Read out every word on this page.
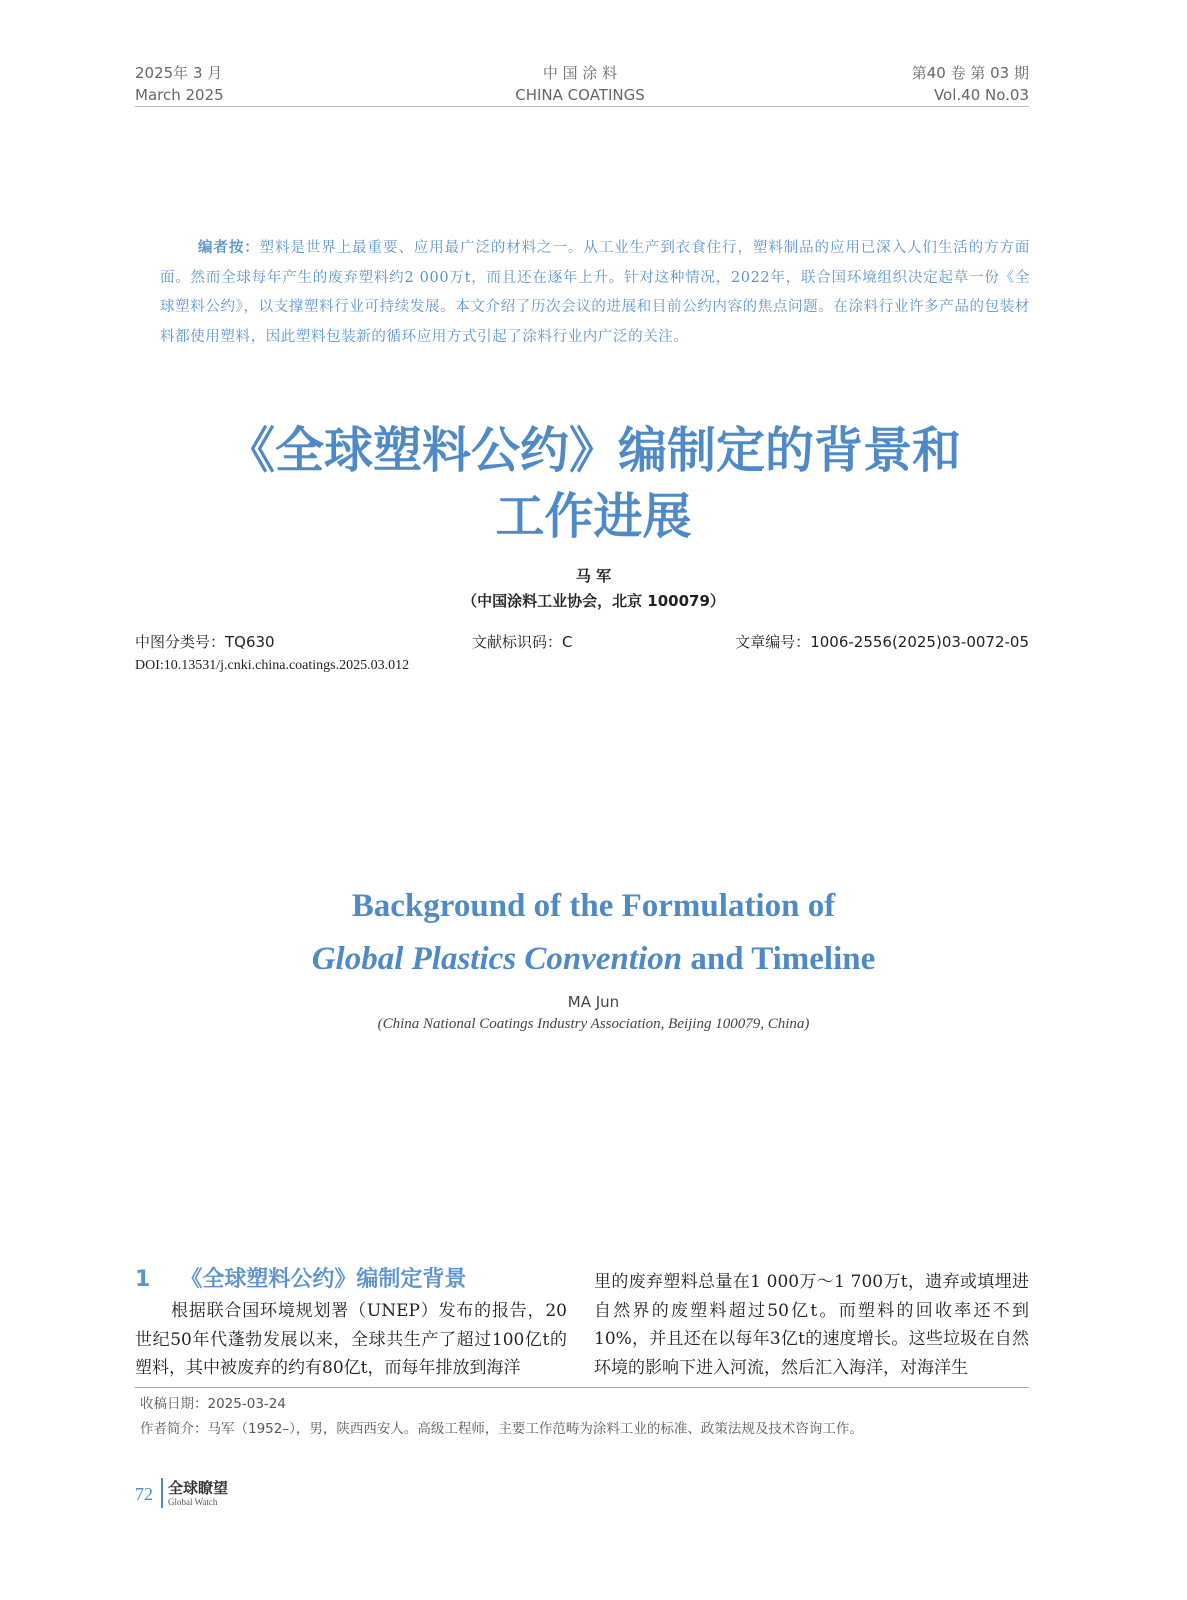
2025年 3 月
March 2025
中 国 涂 料
CHINA COATINGS
第40 卷 第 03 期
Vol.40 No.03
编者按：塑料是世界上最重要、应用最广泛的材料之一。从工业生产到衣食住行，塑料制品的应用已深入人们生活的方方面面。然而全球每年产生的废弃塑料约2 000万t，而且还在逐年上升。针对这种情况，2022年，联合国环境组织决定起草一份《全球塑料公约》，以支撑塑料行业可持续发展。本文介绍了历次会议的进展和目前公约内容的焦点问题。在涂料行业许多产品的包装材料都使用塑料，因此塑料包装新的循环应用方式引起了涂料行业内广泛的关注。
《全球塑料公约》编制定的背景和
工作进展
马 军
（中国涂料工业协会，北京 100079）
中图分类号：TQ630	文献标识码：C	文章编号：1006-2556(2025)03-0072-05
DOI:10.13531/j.cnki.china.coatings.2025.03.012
Background of the Formulation of
Global Plastics Convention and Timeline
MA Jun
(China National Coatings Industry Association, Beijing 100079, China)
1 《全球塑料公约》编制定背景
根据联合国环境规划署（UNEP）发布的报告，20世纪50年代蓬勃发展以来，全球共生产了超过100亿t的塑料，其中被废弃的约有80亿t，而每年排放到海洋
里的废弃塑料总量在1 000万～1 700万t，遗弃或填埋进自然界的废塑料超过50亿t。而塑料的回收率还不到10%，并且还在以每年3亿t的速度增长。这些垃圾在自然环境的影响下进入河流，然后汇入海洋，对海洋生
收稿日期：2025-03-24
作者简介：马军（1952–），男，陕西西安人。高级工程师，主要工作范畴为涂料工业的标准、政策法规及技术咨询工作。
72 全球瞭望
Global Watch
